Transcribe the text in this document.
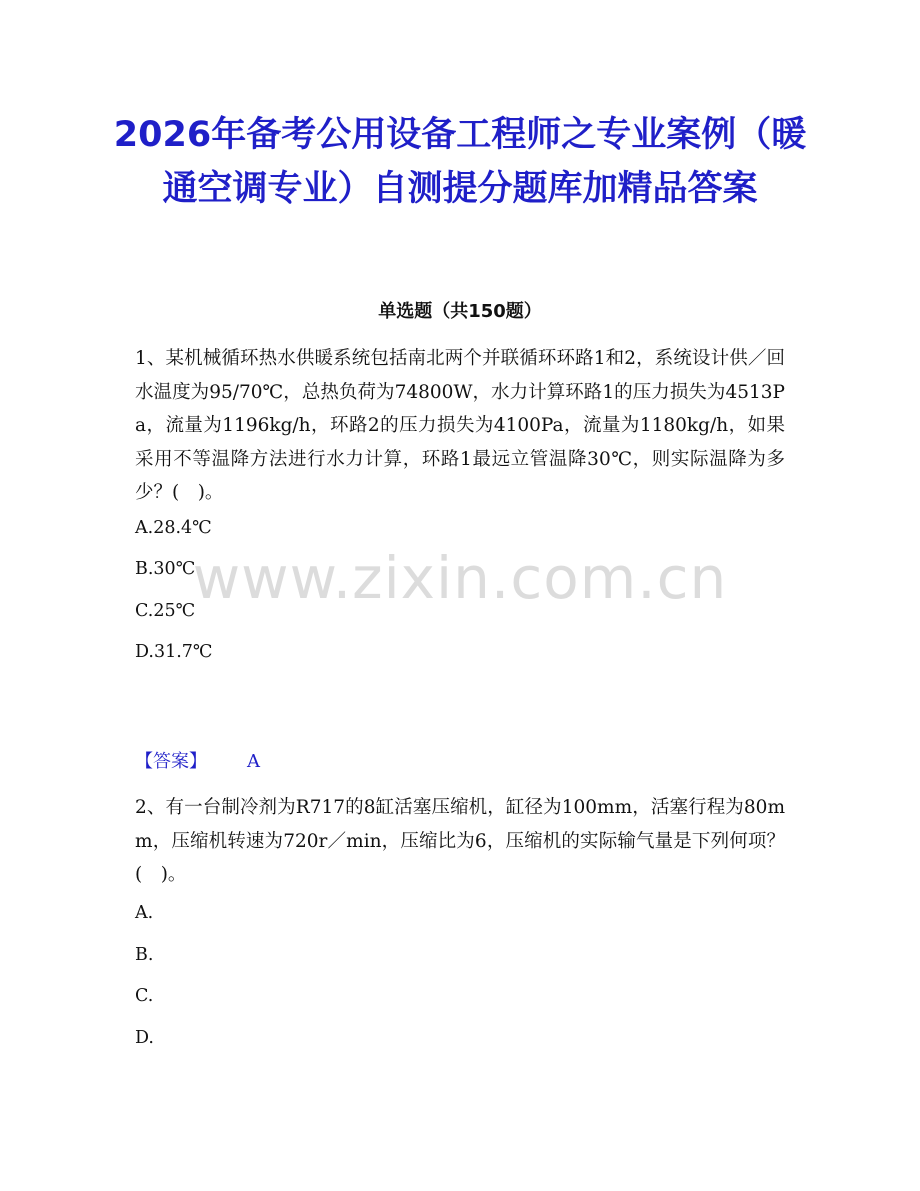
2026年备考公用设备工程师之专业案例（暖通空调专业）自测提分题库加精品答案
单选题（共150题）
www.zixin.com.cn

1、某机械循环热水供暖系统包括南北两个并联循环环路1和2，系统设计供／回水温度为95/70℃，总热负荷为74800W，水力计算环路1的压力损失为4513Pa，流量为1196kg/h，环路2的压力损失为4100Pa，流量为1180kg/h，如果采用不等温降方法进行水力计算，环路1最远立管温降30℃，则实际温降为多少？(　)。

A.28.4℃

B.30℃

C.25℃

D.31.7℃

【答案】 A

2、有一台制冷剂为R717的8缸活塞压缩机，缸径为100mm，活塞行程为80mm，压缩机转速为720r／min，压缩比为6，压缩机的实际输气量是下列何项？(　)。

A.

B.

C.

D.
